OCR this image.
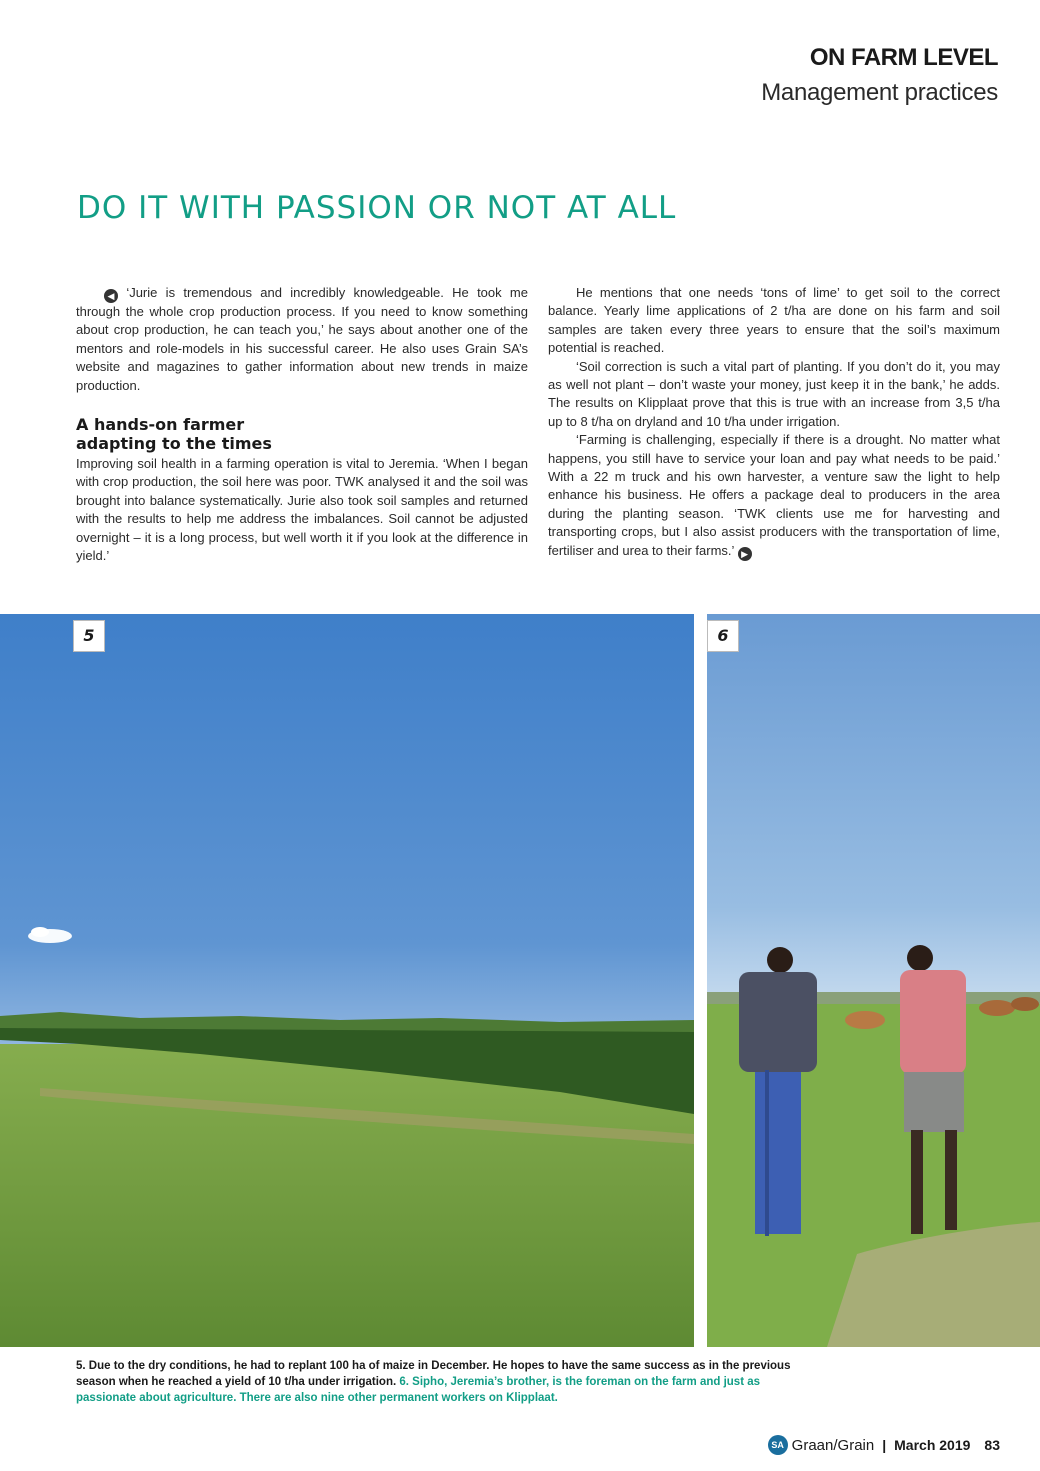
ON FARM LEVEL
Management practices
DO IT WITH PASSION OR NOT AT ALL

◀ ‘Jurie is tremendous and incredibly knowledgeable. He took me through the whole crop production process. If you need to know something about crop production, he can teach you,’ he says about another one of the mentors and role-models in his successful career. He also uses Grain SA’s website and magazines to gather information about new trends in maize production.

A hands-on farmer
adapting to the times

Improving soil health in a farming operation is vital to Jeremia. ‘When I began with crop production, the soil here was poor. TWK analysed it and the soil was brought into balance systematically. Jurie also took soil samples and returned with the results to help me address the imbalances. Soil cannot be adjusted overnight – it is a long process, but well worth it if you look at the difference in yield.’

He mentions that one needs ‘tons of lime’ to get soil to the correct balance. Yearly lime applications of 2 t/ha are done on his farm and soil samples are taken every three years to ensure that the soil’s maximum potential is reached.

‘Soil correction is such a vital part of planting. If you don’t do it, you may as well not plant – don’t waste your money, just keep it in the bank,’ he adds. The results on Klipplaat prove that this is true with an increase from 3,5 t/ha up to 8 t/ha on dryland and 10 t/ha under irrigation.

‘Farming is challenging, especially if there is a drought. No matter what happens, you still have to service your loan and pay what needs to be paid.’ With a 22 m truck and his own harvester, a venture saw the light to help enhance his business. He offers a package deal to producers in the area during the planting season. ‘TWK clients use me for harvesting and transporting crops, but I also assist producers with the transportation of lime, fertiliser and urea to their farms.’ ▶

5	6
5. Due to the dry conditions, he had to replant 100 ha of maize in December. He hopes to have the same success as in the previous season when he reached a yield of 10 t/ha under irrigation. 6. Sipho, Jeremia’s brother, is the foreman on the farm and just as passionate about agriculture. There are also nine other permanent workers on Klipplaat.
SA Graan/Grain | March 2019 83
